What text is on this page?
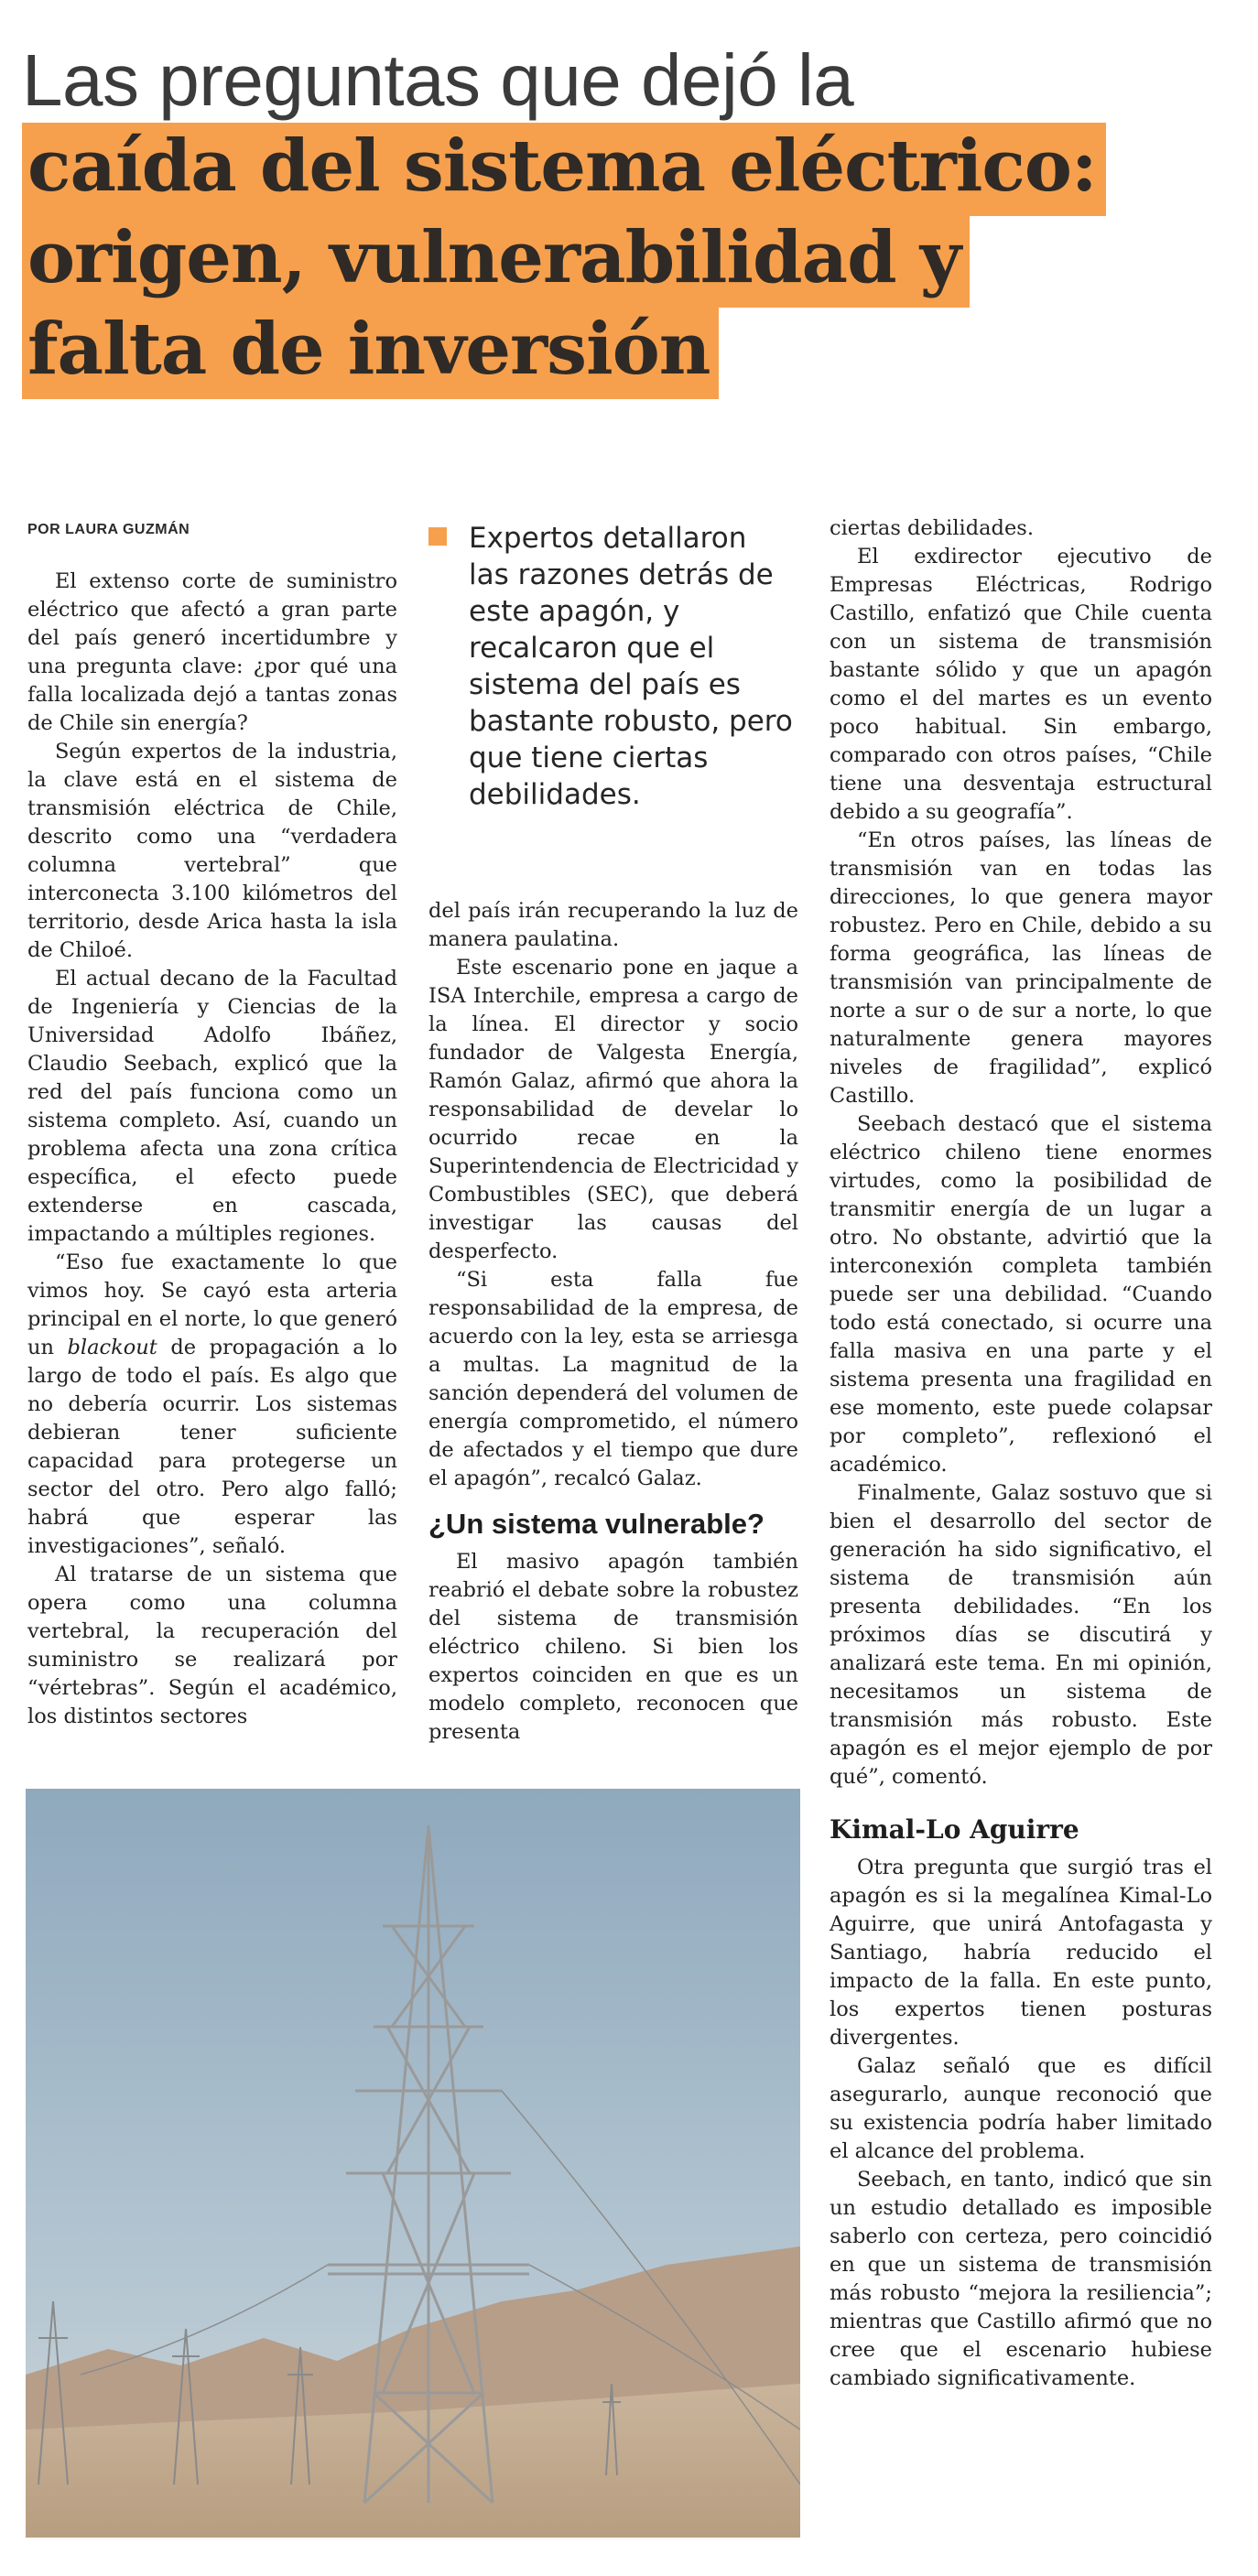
Las preguntas que dejó la
caída del sistema eléctrico:
origen, vulnerabilidad y
falta de inversión
POR LAURA GUZMÁN	Expertos detallaron las razones detrás de este apagón, y recalcaron que el sistema del país es bastante robusto, pero que tiene ciertas debilidades.

El extenso corte de suministro eléctrico que afectó a gran parte del país generó incertidumbre y una pregunta clave: ¿por qué una falla localizada dejó a tantas zonas de Chile sin energía?

Según expertos de la industria, la clave está en el sistema de transmisión eléctrica de Chile, descrito como una “verdadera columna vertebral” que interconecta 3.100 kilómetros del territorio, desde Arica hasta la isla de Chiloé.

El actual decano de la Facultad de Ingeniería y Ciencias de la Universidad Adolfo Ibáñez, Claudio Seebach, explicó que la red del país funciona como un sistema completo. Así, cuando un problema afecta una zona crítica específica, el efecto puede extenderse en cascada, impactando a múltiples regiones.

“Eso fue exactamente lo que vimos hoy. Se cayó esta arteria principal en el norte, lo que generó un blackout de propagación a lo largo de todo el país. Es algo que no debería ocurrir. Los sistemas debieran tener suficiente capacidad para protegerse un sector del otro. Pero algo falló; habrá que esperar las investigaciones”, señaló.

Al tratarse de un sistema que opera como una columna vertebral, la recuperación del suministro se realizará por “vértebras”. Según el académico, los distintos sectores

del país irán recuperando la luz de manera paulatina.

Este escenario pone en jaque a ISA Interchile, empresa a cargo de la línea. El director y socio fundador de Valgesta Energía, Ramón Galaz, afirmó que ahora la responsabilidad de develar lo ocurrido recae en la Superintendencia de Electricidad y Combustibles (SEC), que deberá investigar las causas del desperfecto.

“Si esta falla fue responsabilidad de la empresa, de acuerdo con la ley, esta se arriesga a multas. La magnitud de la sanción dependerá del volumen de energía comprometido, el número de afectados y el tiempo que dure el apagón”, recalcó Galaz.

¿Un sistema vulnerable?

El masivo apagón también reabrió el debate sobre la robustez del sistema de transmisión eléctrico chileno. Si bien los expertos coinciden en que es un modelo completo, reconocen que presenta

ciertas debilidades.

El exdirector ejecutivo de Empresas Eléctricas, Rodrigo Castillo, enfatizó que Chile cuenta con un sistema de transmisión bastante sólido y que un apagón como el del martes es un evento poco habitual. Sin embargo, comparado con otros países, “Chile tiene una desventaja estructural debido a su geografía”.

“En otros países, las líneas de transmisión van en todas las direcciones, lo que genera mayor robustez. Pero en Chile, debido a su forma geográfica, las líneas de transmisión van principalmente de norte a sur o de sur a norte, lo que naturalmente genera mayores niveles de fragilidad”, explicó Castillo.

Seebach destacó que el sistema eléctrico chileno tiene enormes virtudes, como la posibilidad de transmitir energía de un lugar a otro. No obstante, advirtió que la interconexión completa también puede ser una debilidad. “Cuando todo está conectado, si ocurre una falla masiva en una parte y el sistema presenta una fragilidad en ese momento, este puede colapsar por completo”, reflexionó el académico.

Finalmente, Galaz sostuvo que si bien el desarrollo del sector de generación ha sido significativo, el sistema de transmisión aún presenta debilidades. “En los próximos días se discutirá y analizará este tema. En mi opinión, necesitamos un sistema de transmisión más robusto. Este apagón es el mejor ejemplo de por qué”, comentó.

Kimal-Lo Aguirre

Otra pregunta que surgió tras el apagón es si la megalínea Kimal-Lo Aguirre, que unirá Antofagasta y Santiago, habría reducido el impacto de la falla. En este punto, los expertos tienen posturas divergentes.

Galaz señaló que es difícil asegurarlo, aunque reconoció que su existencia podría haber limitado el alcance del problema.

Seebach, en tanto, indicó que sin un estudio detallado es imposible saberlo con certeza, pero coincidió en que un sistema de transmisión más robusto “mejora la resiliencia”; mientras que Castillo afirmó que no cree que el escenario hubiese cambiado significativamente.
